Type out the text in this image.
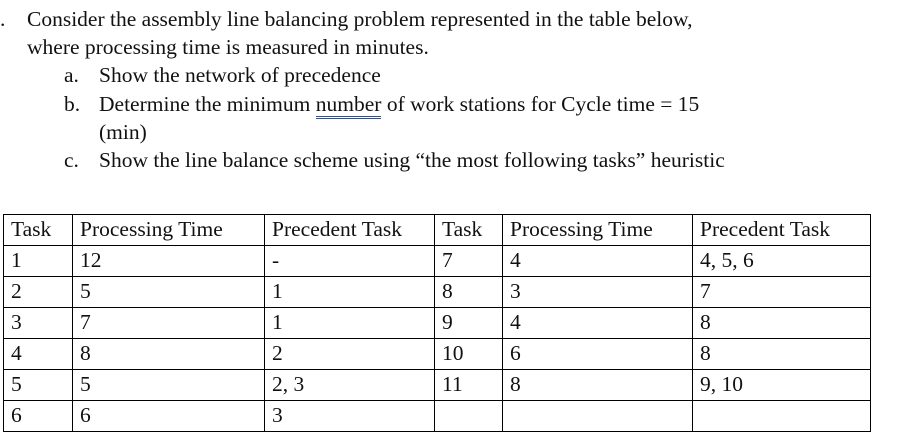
. Consider the assembly line balancing problem represented in the table below,
where processing time is measured in minutes.
a. Show the network of precedence
b. Determine the minimum number of work stations for Cycle time = 15
(min)
c. Show the line balance scheme using “the most following tasks” heuristic
Task	Processing Time	Precedent Task	Task	Processing Time	Precedent Task
1	12	-	7	4	4, 5, 6
2	5	1	8	3	7
3	7	1	9	4	8
4	8	2	10	6	8
5	5	2, 3	11	8	9, 10
6	6	3			
